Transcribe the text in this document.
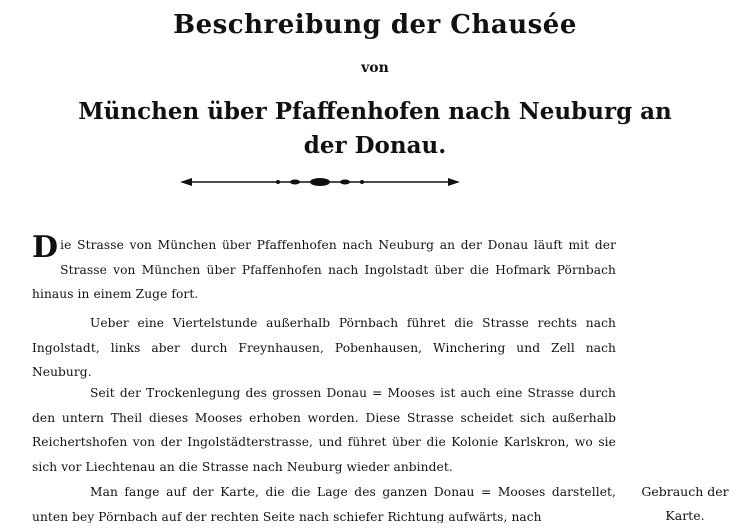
Beschreibung der Chausée
von
München über Pfaffenhofen nach Neuburg an
der Donau.
Die Strasse von München über Pfaffenhofen nach Neuburg an der Donau läuft mit der Strasse von München über Pfaffenhofen nach Ingolstadt über die Hofmark Pörnbach hinaus in einem Zuge fort.
Ueber eine Viertelstunde außerhalb Pörnbach führet die Strasse rechts nach Ingolstadt, links aber durch Freynhausen, Pobenhausen, Winchering und Zell nach Neuburg.
Seit der Trockenlegung des grossen Donau = Mooses ist auch eine Strasse durch den untern Theil dieses Mooses erhoben worden. Diese Strasse scheidet sich außerhalb Reichertshofen von der Ingolstädterstrasse, und führet über die Kolonie Karlskron, wo sie sich vor Liechtenau an die Strasse nach Neuburg wieder anbindet.
Man fange auf der Karte, die die Lage des ganzen Donau = Mooses darstellet, unten bey Pörnbach auf der rechten Seite nach schiefer Richtung aufwärts, nach
Gebrauch der Karte.
